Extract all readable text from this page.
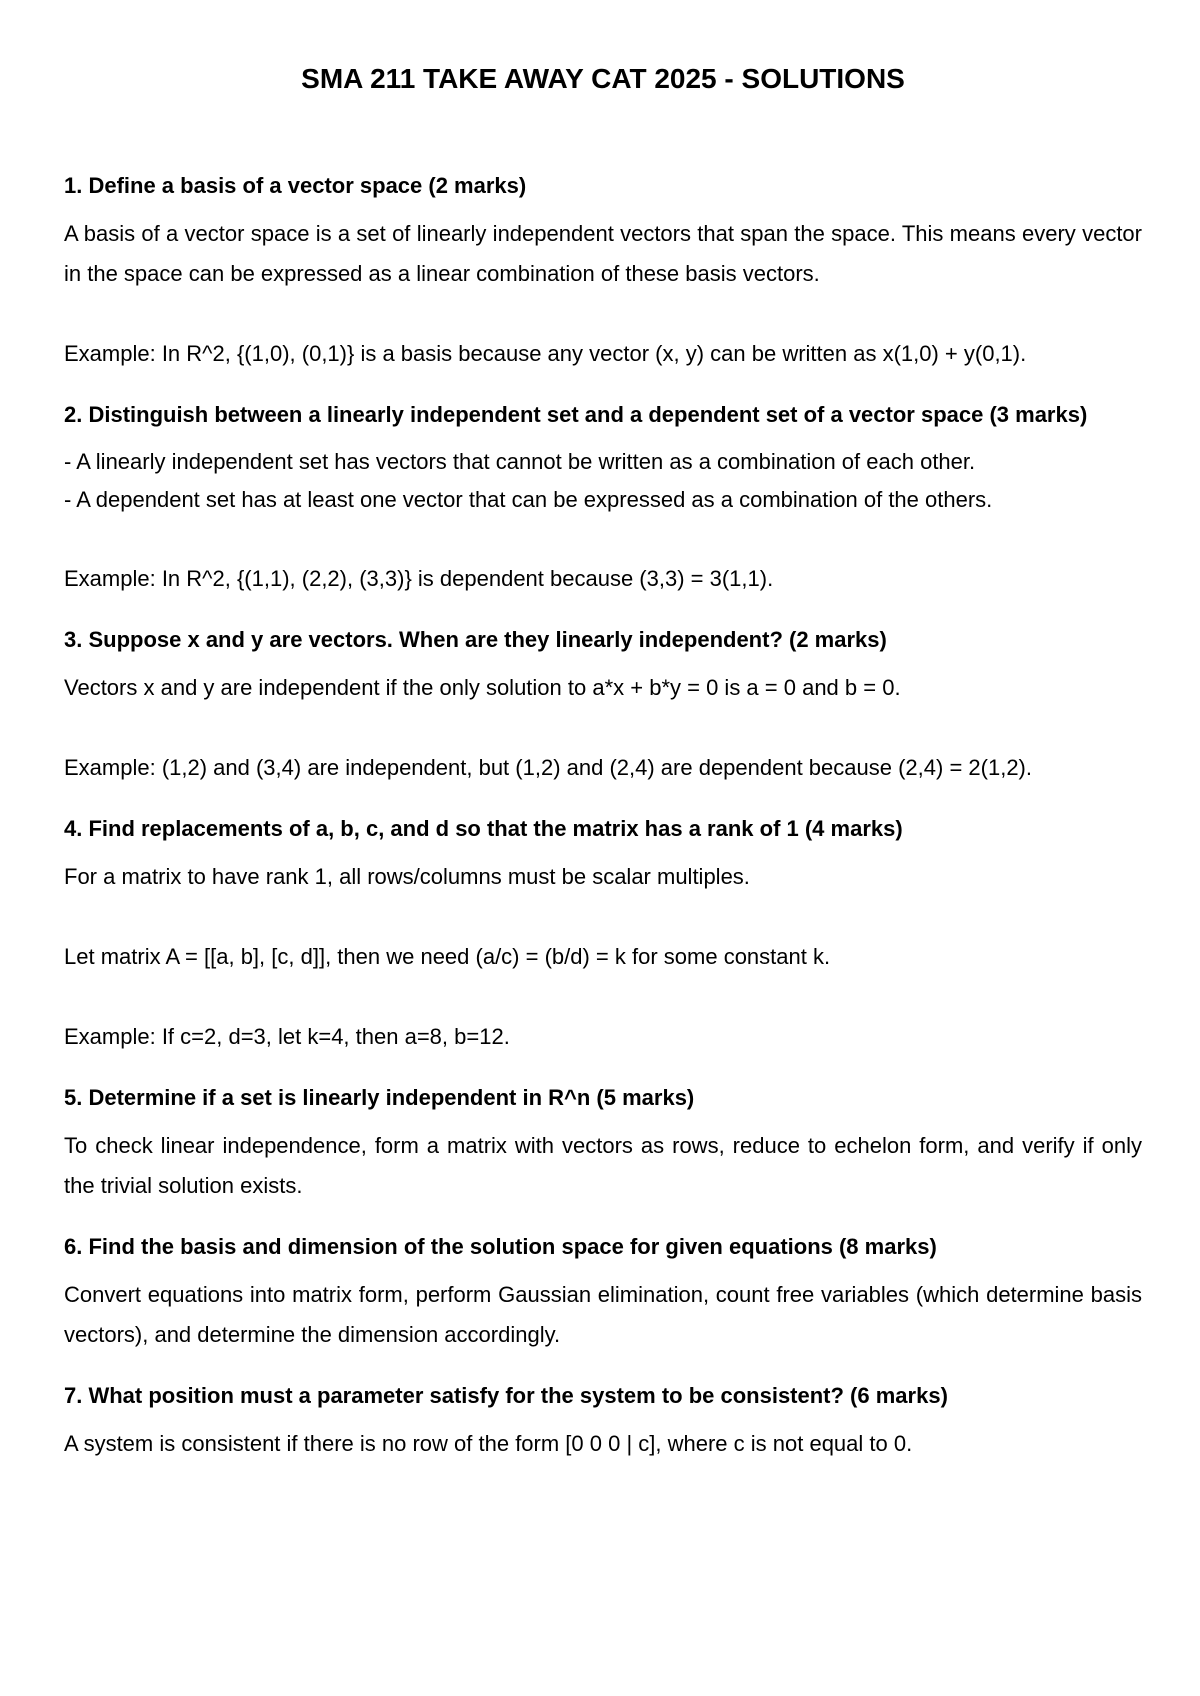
SMA 211 TAKE AWAY CAT 2025 - SOLUTIONS
1. Define a basis of a vector space (2 marks)

A basis of a vector space is a set of linearly independent vectors that span the space. This means every vector in the space can be expressed as a linear combination of these basis vectors.

Example: In R^2, {(1,0), (0,1)} is a basis because any vector (x, y) can be written as x(1,0) + y(0,1).

2. Distinguish between a linearly independent set and a dependent set of a vector space (3 marks)

- A linearly independent set has vectors that cannot be written as a combination of each other.

- A dependent set has at least one vector that can be expressed as a combination of the others.

Example: In R^2, {(1,1), (2,2), (3,3)} is dependent because (3,3) = 3(1,1).

3. Suppose x and y are vectors. When are they linearly independent? (2 marks)

Vectors x and y are independent if the only solution to a*x + b*y = 0 is a = 0 and b = 0.

Example: (1,2) and (3,4) are independent, but (1,2) and (2,4) are dependent because (2,4) = 2(1,2).

4. Find replacements of a, b, c, and d so that the matrix has a rank of 1 (4 marks)

For a matrix to have rank 1, all rows/columns must be scalar multiples.

Let matrix A = [[a, b], [c, d]], then we need (a/c) = (b/d) = k for some constant k.

Example: If c=2, d=3, let k=4, then a=8, b=12.

5. Determine if a set is linearly independent in R^n (5 marks)

To check linear independence, form a matrix with vectors as rows, reduce to echelon form, and verify if only the trivial solution exists.

6. Find the basis and dimension of the solution space for given equations (8 marks)

Convert equations into matrix form, perform Gaussian elimination, count free variables (which determine basis vectors), and determine the dimension accordingly.

7. What position must a parameter satisfy for the system to be consistent? (6 marks)

A system is consistent if there is no row of the form [0 0 0 | c], where c is not equal to 0.
